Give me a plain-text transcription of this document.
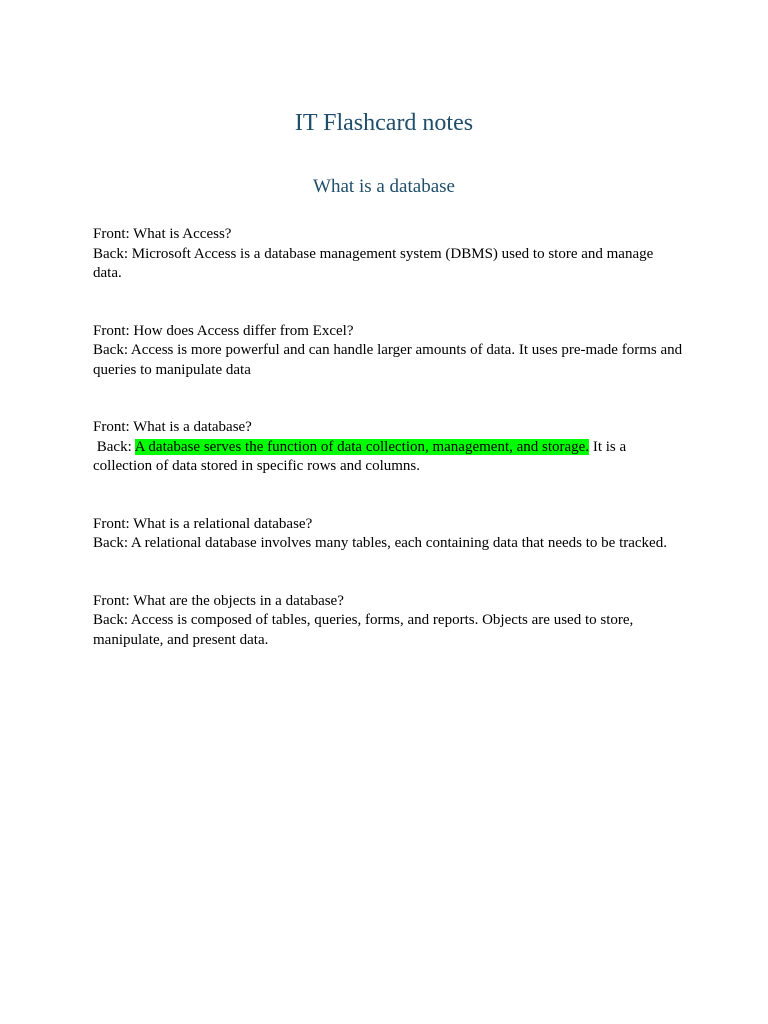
IT Flashcard notes
What is a database

Front: What is Access?

Back: Microsoft Access is a database management system (DBMS) used to store and manage data.

Front: How does Access differ from Excel?

Back: Access is more powerful and can handle larger amounts of data. It uses pre-made forms and queries to manipulate data

Front: What is a database?

Back: A database serves the function of data collection, management, and storage. It is a collection of data stored in specific rows and columns.

Front: What is a relational database?

Back: A relational database involves many tables, each containing data that needs to be tracked.

Front: What are the objects in a database?

Back: Access is composed of tables, queries, forms, and reports. Objects are used to store, manipulate, and present data.
